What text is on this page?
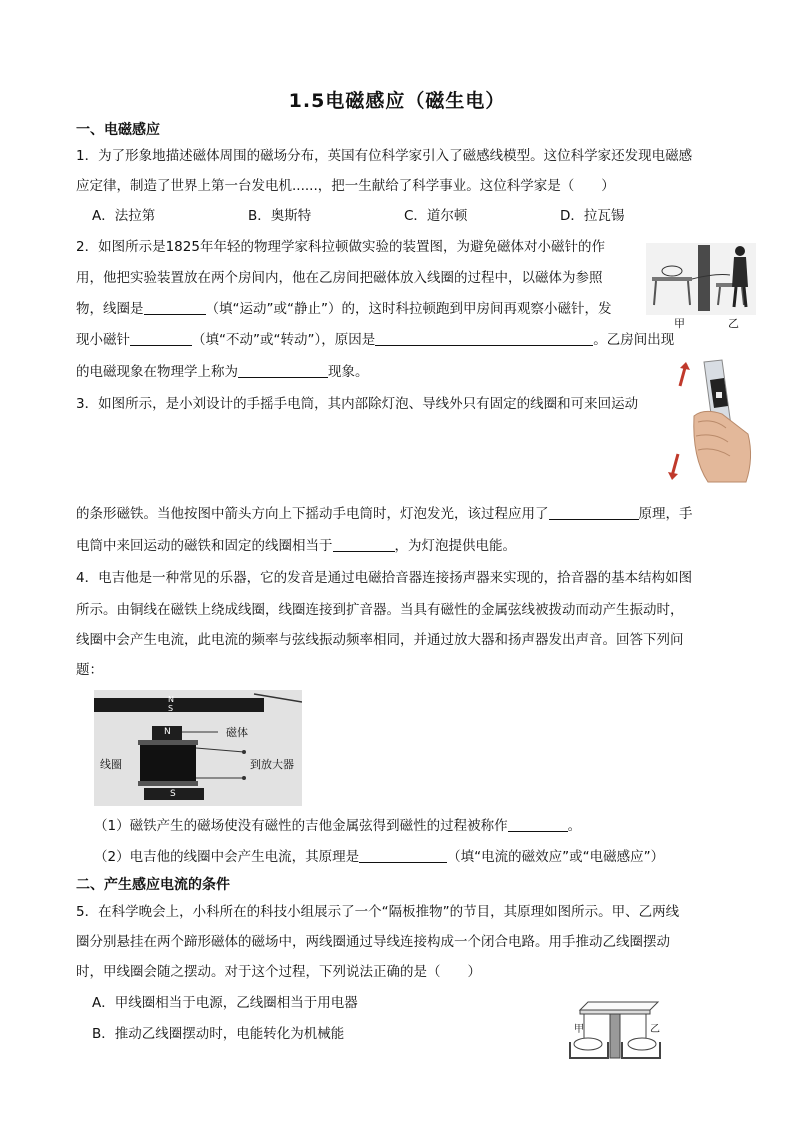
1.5电磁感应（磁生电）
一、电磁感应
1．为了形象地描述磁体周围的磁场分布，英国有位科学家引入了磁感线模型。这位科学家还发现电磁感
应定律，制造了世界上第一台发电机......，把一生献给了科学事业。这位科学家是（　　）
A．法拉第	B．奥斯特	C．道尔顿	D．拉瓦锡
2．如图所示是1825年年轻的物理学家科拉顿做实验的装置图，为避免磁体对小磁针的作
用，他把实验装置放在两个房间内，他在乙房间把磁体放入线圈的过程中，以磁体为参照
物，线圈是	（填“运动”或“静止”）的，这时科拉顿跑到甲房间再观察小磁针，发
现小磁针	（填“不动”或“转动”），原因是	。乙房间出现
的电磁现象在物理学上称为	现象。
甲	乙
3．如图所示，是小刘设计的手摇手电筒，其内部除灯泡、导线外只有固定的线圈和可来回运动
的条形磁铁。当他按图中箭头方向上下摇动手电筒时，灯泡发光，该过程应用了	原理，手
电筒中来回运动的磁铁和固定的线圈相当于	，为灯泡提供电能。
4．电吉他是一种常见的乐器，它的发音是通过电磁拾音器连接扬声器来实现的，拾音器的基本结构如图
所示。由铜线在磁铁上绕成线圈，线圈连接到扩音器。当具有磁性的金属弦线被拨动而动产生振动时，
线圈中会产生电流，此电流的频率与弦线振动频率相同，并通过放大器和扬声器发出声音。回答下列问
题：
N
S
N
S
磁体
线圈	到放大器
（1）磁铁产生的磁场使没有磁性的吉他金属弦得到磁性的过程被称作	。
（2）电吉他的线圈中会产生电流，其原理是	（填“电流的磁效应”或“电磁感应”）
二、产生感应电流的条件
5．在科学晚会上，小科所在的科技小组展示了一个“隔板推物”的节目，其原理如图所示。甲、乙两线
圈分别悬挂在两个蹄形磁体的磁场中，两线圈通过导线连接构成一个闭合电路。用手推动乙线圈摆动
时，甲线圈会随之摆动。对于这个过程，下列说法正确的是（　　）
A．甲线圈相当于电源，乙线圈相当于用电器
B．推动乙线圈摆动时，电能转化为机械能	甲	乙
